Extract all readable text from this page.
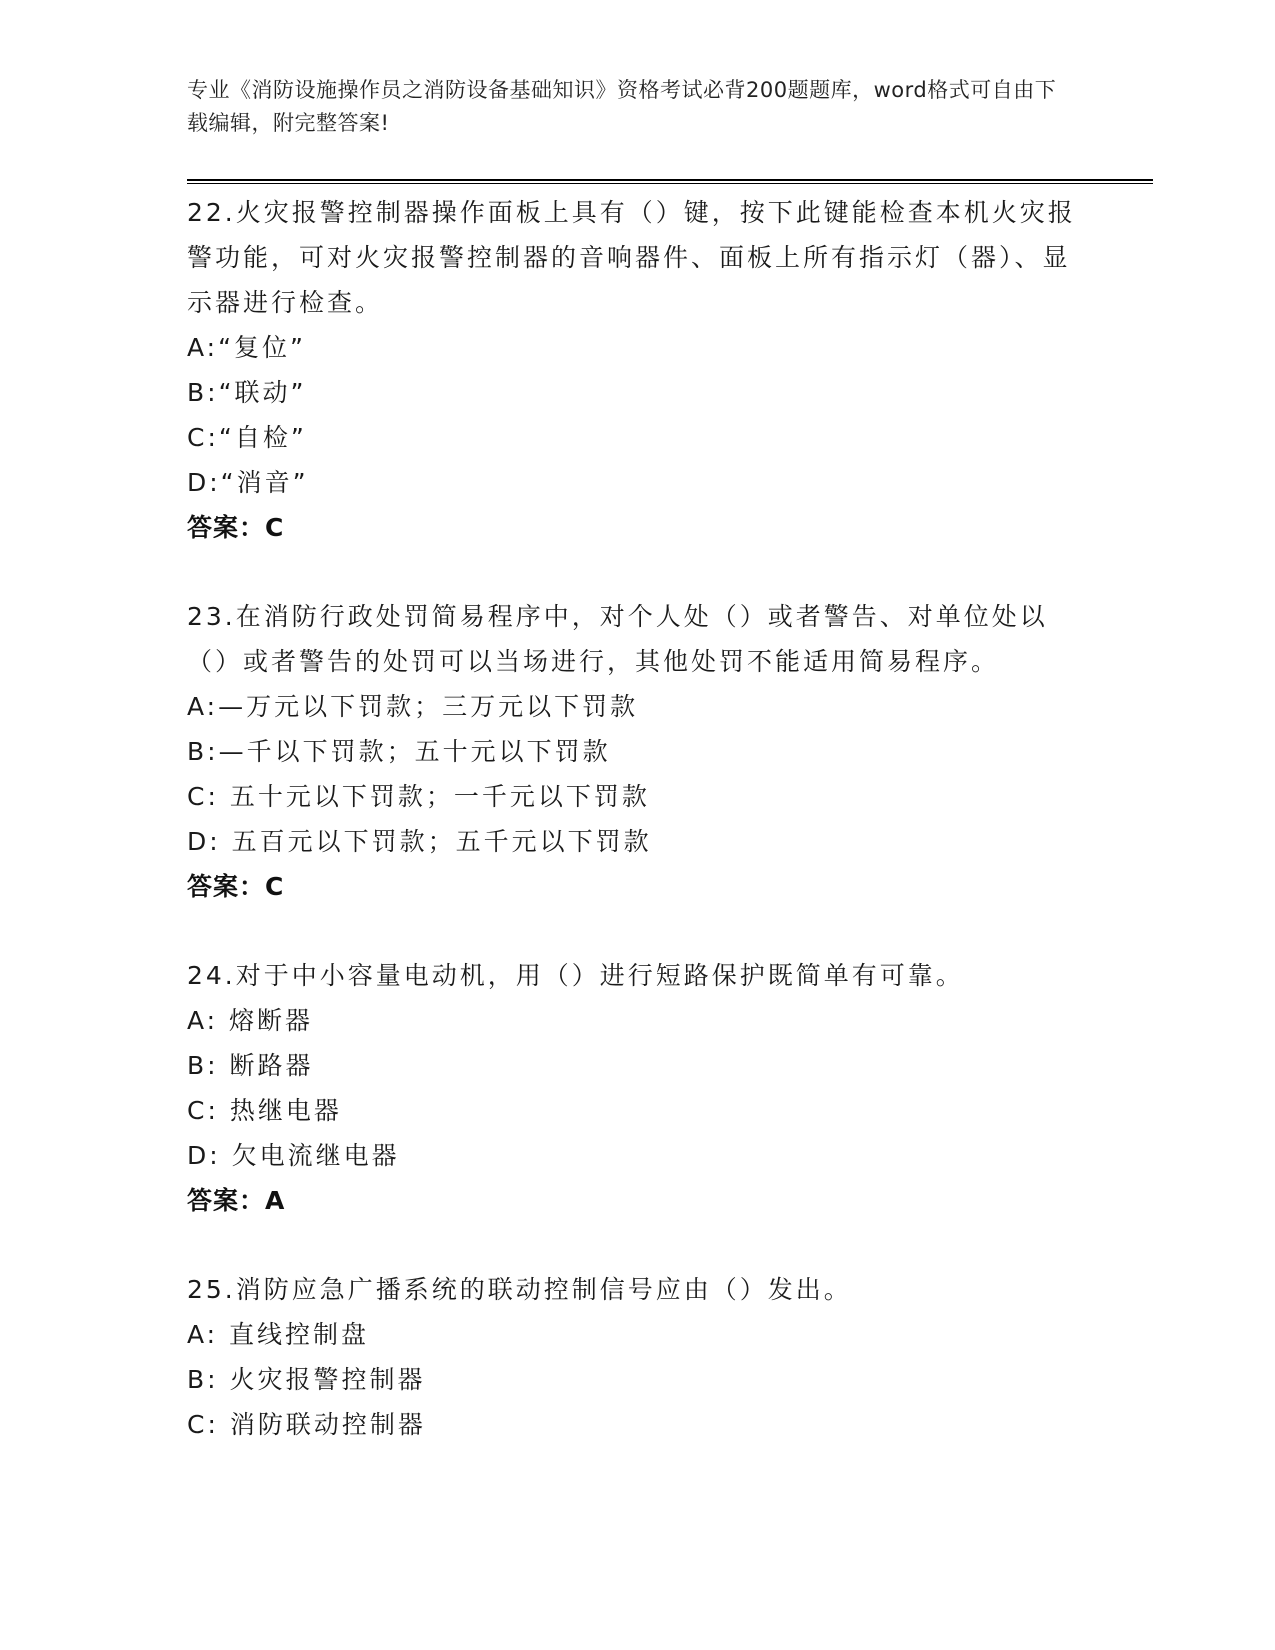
专业《消防设施操作员之消防设备基础知识》资格考试必背200题题库，word格式可自由下载编辑，附完整答案!
22.火灾报警控制器操作面板上具有（）键，按下此键能检查本机火灾报警功能，可对火灾报警控制器的音响器件、面板上所有指示灯（器）、显示器进行检查。
A:“复位”
B:“联动”
C:“自检”
D:“消音”
答案：C
23.在消防行政处罚简易程序中，对个人处（）或者警告、对单位处以（）或者警告的处罚可以当场进行，其他处罚不能适用简易程序。
A:—万元以下罚款；三万元以下罚款
B:—千以下罚款；五十元以下罚款
C: 五十元以下罚款；一千元以下罚款
D: 五百元以下罚款；五千元以下罚款
答案：C
24.对于中小容量电动机，用（）进行短路保护既简单有可靠。
A: 熔断器
B: 断路器
C: 热继电器
D: 欠电流继电器
答案：A
25.消防应急广播系统的联动控制信号应由（）发出。
A: 直线控制盘
B: 火灾报警控制器
C: 消防联动控制器
